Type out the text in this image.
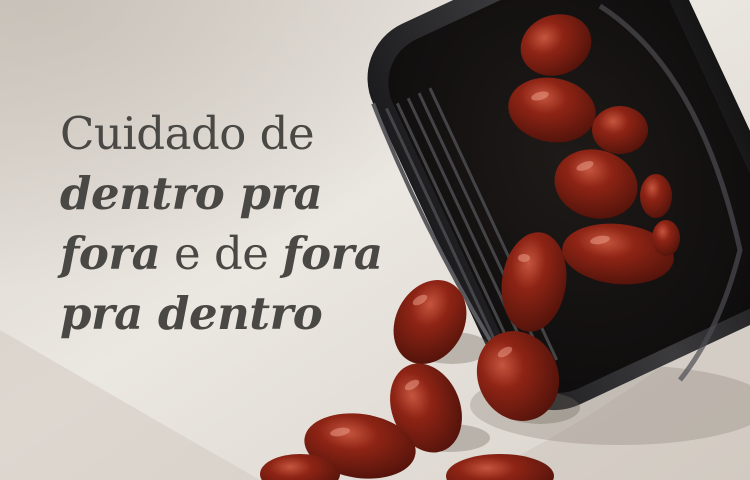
Cuidado de
dentro pra
fora e de fora
pra dentro
